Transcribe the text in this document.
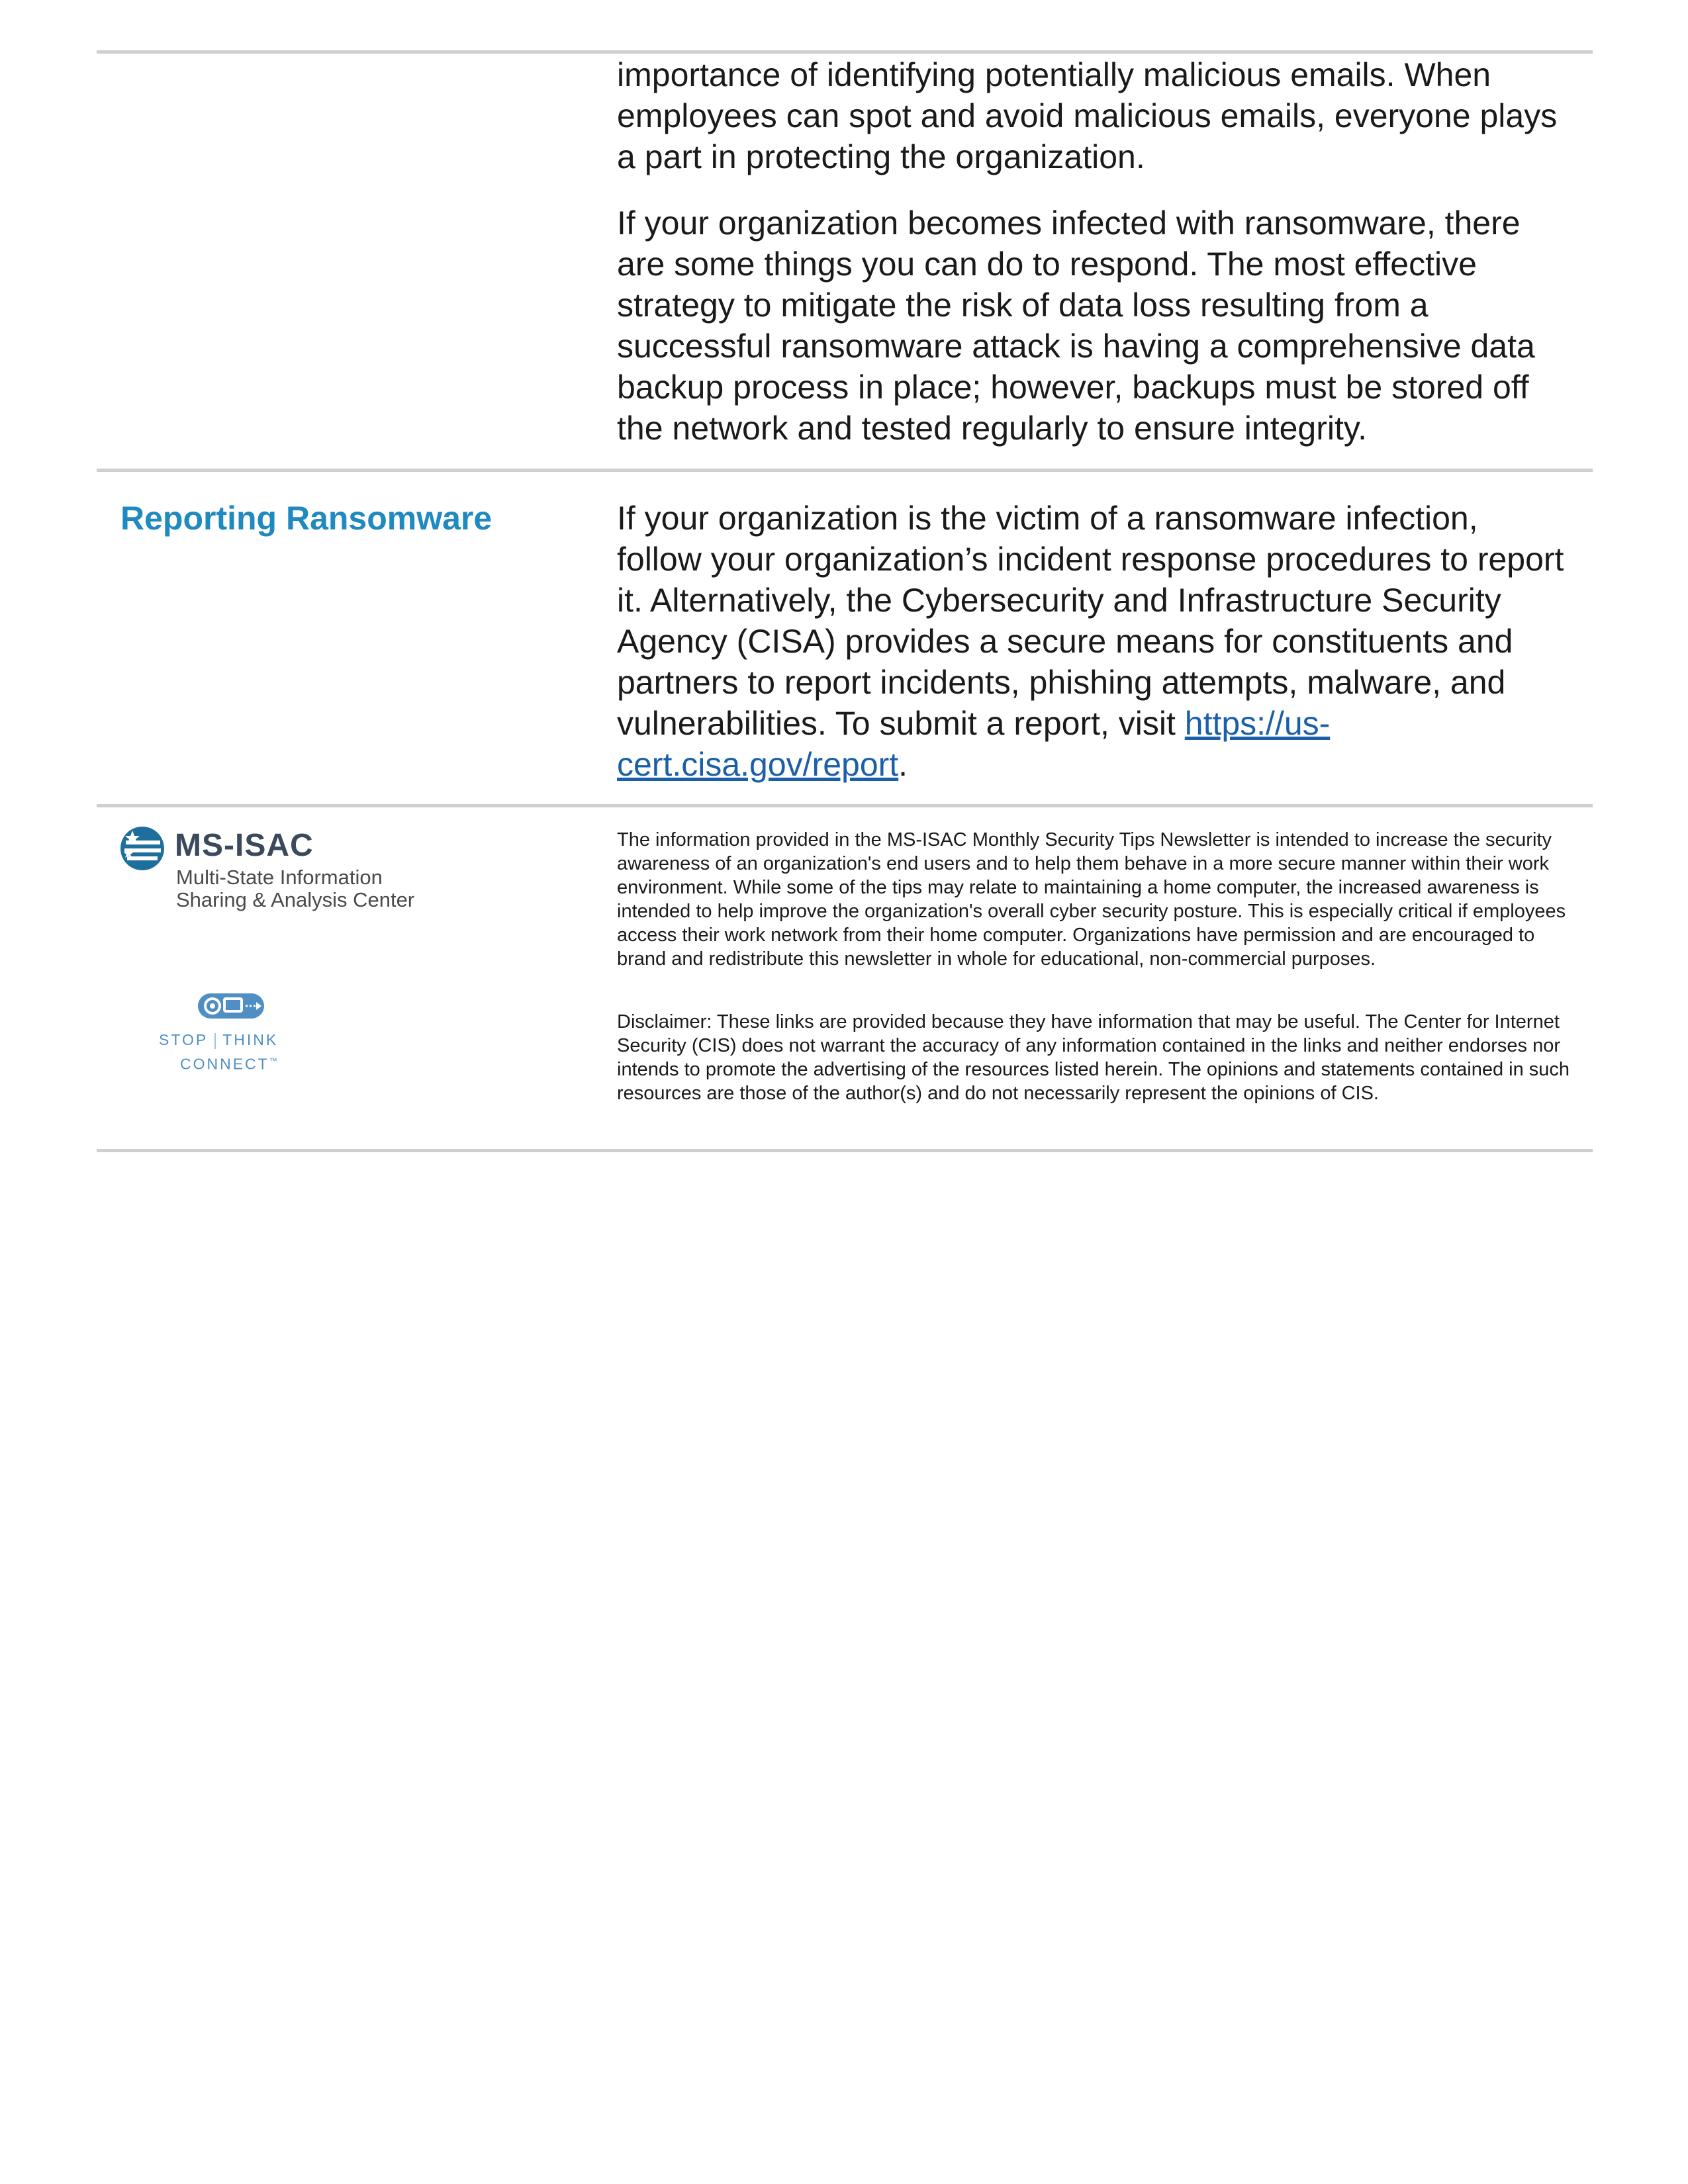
importance of identifying potentially malicious emails. When employees can spot and avoid malicious emails, everyone plays a part in protecting the organization.

If your organization becomes infected with ransomware, there are some things you can do to respond. The most effective strategy to mitigate the risk of data loss resulting from a successful ransomware attack is having a comprehensive data backup process in place; however, backups must be stored off the network and tested regularly to ensure integrity.

Reporting Ransomware	If your organization is the victim of a ransomware infection, follow your organization’s incident response procedures to report it. Alternatively, the Cybersecurity and Infrastructure Security Agency (CISA) provides a secure means for constituents and partners to report incidents, phishing attempts, malware, and vulnerabilities. To submit a report, visit https://us-cert.cisa.gov/report.

MS-ISAC
Multi-State Information
Sharing & Analysis Center
STOP THINK
CONNECT™

The information provided in the MS-ISAC Monthly Security Tips Newsletter is intended to increase the security awareness of an organization's end users and to help them behave in a more secure manner within their work environment. While some of the tips may relate to maintaining a home computer, the increased awareness is intended to help improve the organization's overall cyber security posture. This is especially critical if employees access their work network from their home computer. Organizations have permission and are encouraged to brand and redistribute this newsletter in whole for educational, non-commercial purposes.

Disclaimer: These links are provided because they have information that may be useful. The Center for Internet Security (CIS) does not warrant the accuracy of any information contained in the links and neither endorses nor intends to promote the advertising of the resources listed herein. The opinions and statements contained in such resources are those of the author(s) and do not necessarily represent the opinions of CIS.
